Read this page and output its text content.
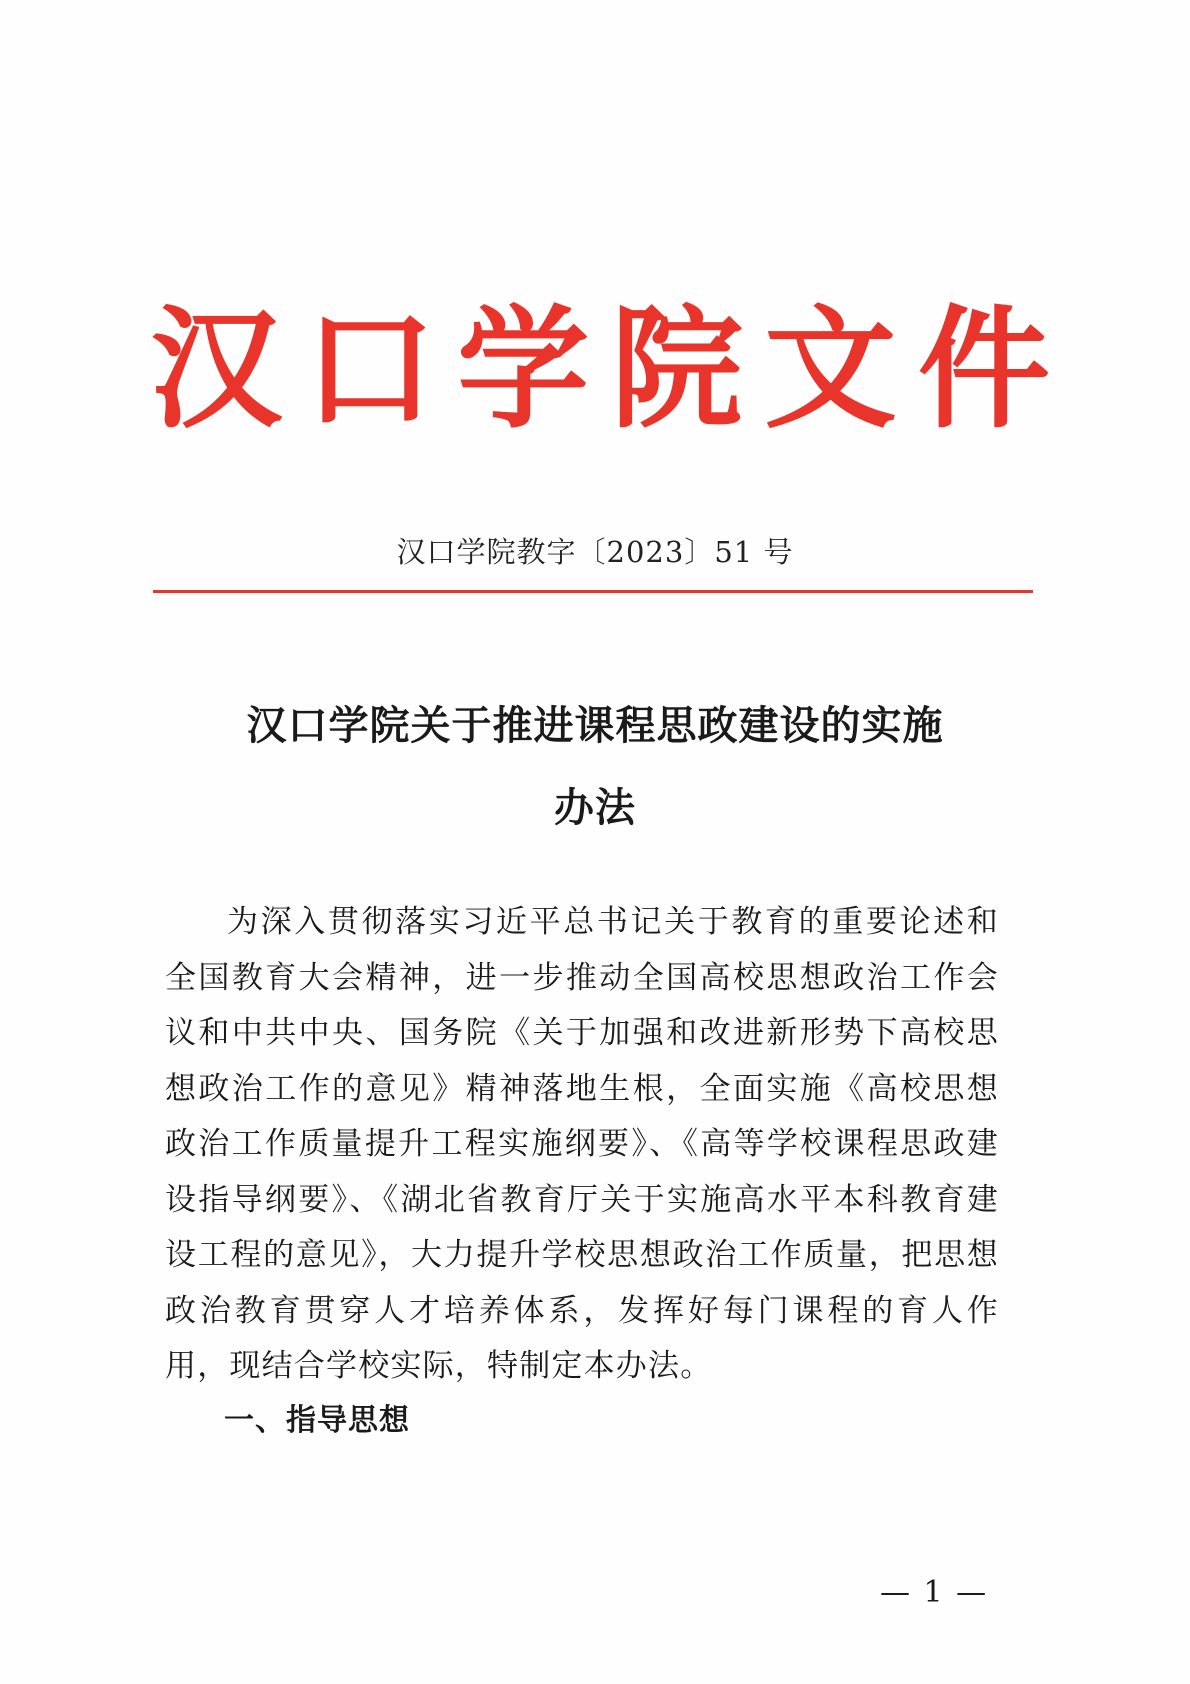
汉 口 学 院 文 件
汉口学院教字〔2023〕51 号
汉口学院关于推进课程思政建设的实施
办法

为深入贯彻落实习近平总书记关于教育的重要论述和全国教育大会精神，进一步推动全国高校思想政治工作会议和中共中央、国务院《关于加强和改进新形势下高校思想政治工作的意见》精神落地生根，全面实施《高校思想政治工作质量提升工程实施纲要》、《高等学校课程思政建设指导纲要》、《湖北省教育厅关于实施高水平本科教育建设工程的意见》，大力提升学校思想政治工作质量，把思想政治教育贯穿人才培养体系，发挥好每门课程的育人作用，现结合学校实际，特制定本办法。

一、指导思想
— 1 —
